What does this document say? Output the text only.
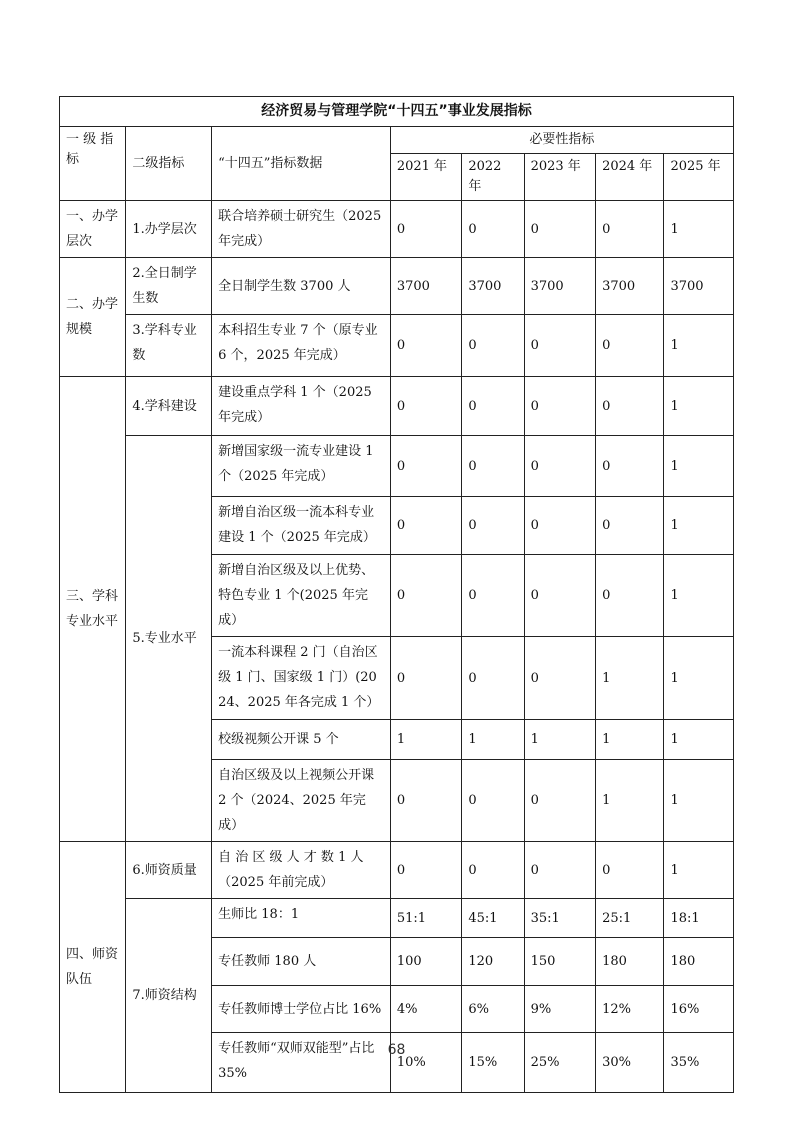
经济贸易与管理学院“十四五”事业发展指标							
一 级 指 标	二级指标	“十四五”指标数据	必要性指标				
			2021 年	2022 年	2023 年	2024 年	2025 年
一、办学层次	1.办学层次	联合培养硕士研究生（2025 年完成）	0	0	0	0	1
二、办学规模	2.全日制学生数	全日制学生数 3700 人	3700	3700	3700	3700	3700
	3.学科专业数	本科招生专业 7 个（原专业 6 个，2025 年完成）	0	0	0	0	1
三、学科专业水平	4.学科建设	建设重点学科 1 个（2025 年完成）	0	0	0	0	1
	5.专业水平	新增国家级一流专业建设 1 个（2025 年完成）	0	0	0	0	1
		新增自治区级一流本科专业建设 1 个（2025 年完成）	0	0	0	0	1
		新增自治区级及以上优势、特色专业 1 个(2025 年完成）	0	0	0	0	1
		一流本科课程 2 门（自治区级 1 门、国家级 1 门）(2024、2025 年各完成 1 个）	0	0	0	1	1
		校级视频公开课 5 个	1	1	1	1	1
		自治区级及以上视频公开课 2 个（2024、2025 年完成）	0	0	0	1	1
四、师资队伍	6.师资质量	自 治 区 级 人 才 数 1 人（2025 年前完成）	0	0	0	0	1
	7.师资结构	生师比 18：1	51:1	45:1	35:1	25:1	18:1
		专任教师 180 人	100	120	150	180	180
		专任教师博士学位占比 16%	4%	6%	9%	12%	16%
		专任教师“双师双能型”占比 35%	10%	15%	25%	30%	35%
68
